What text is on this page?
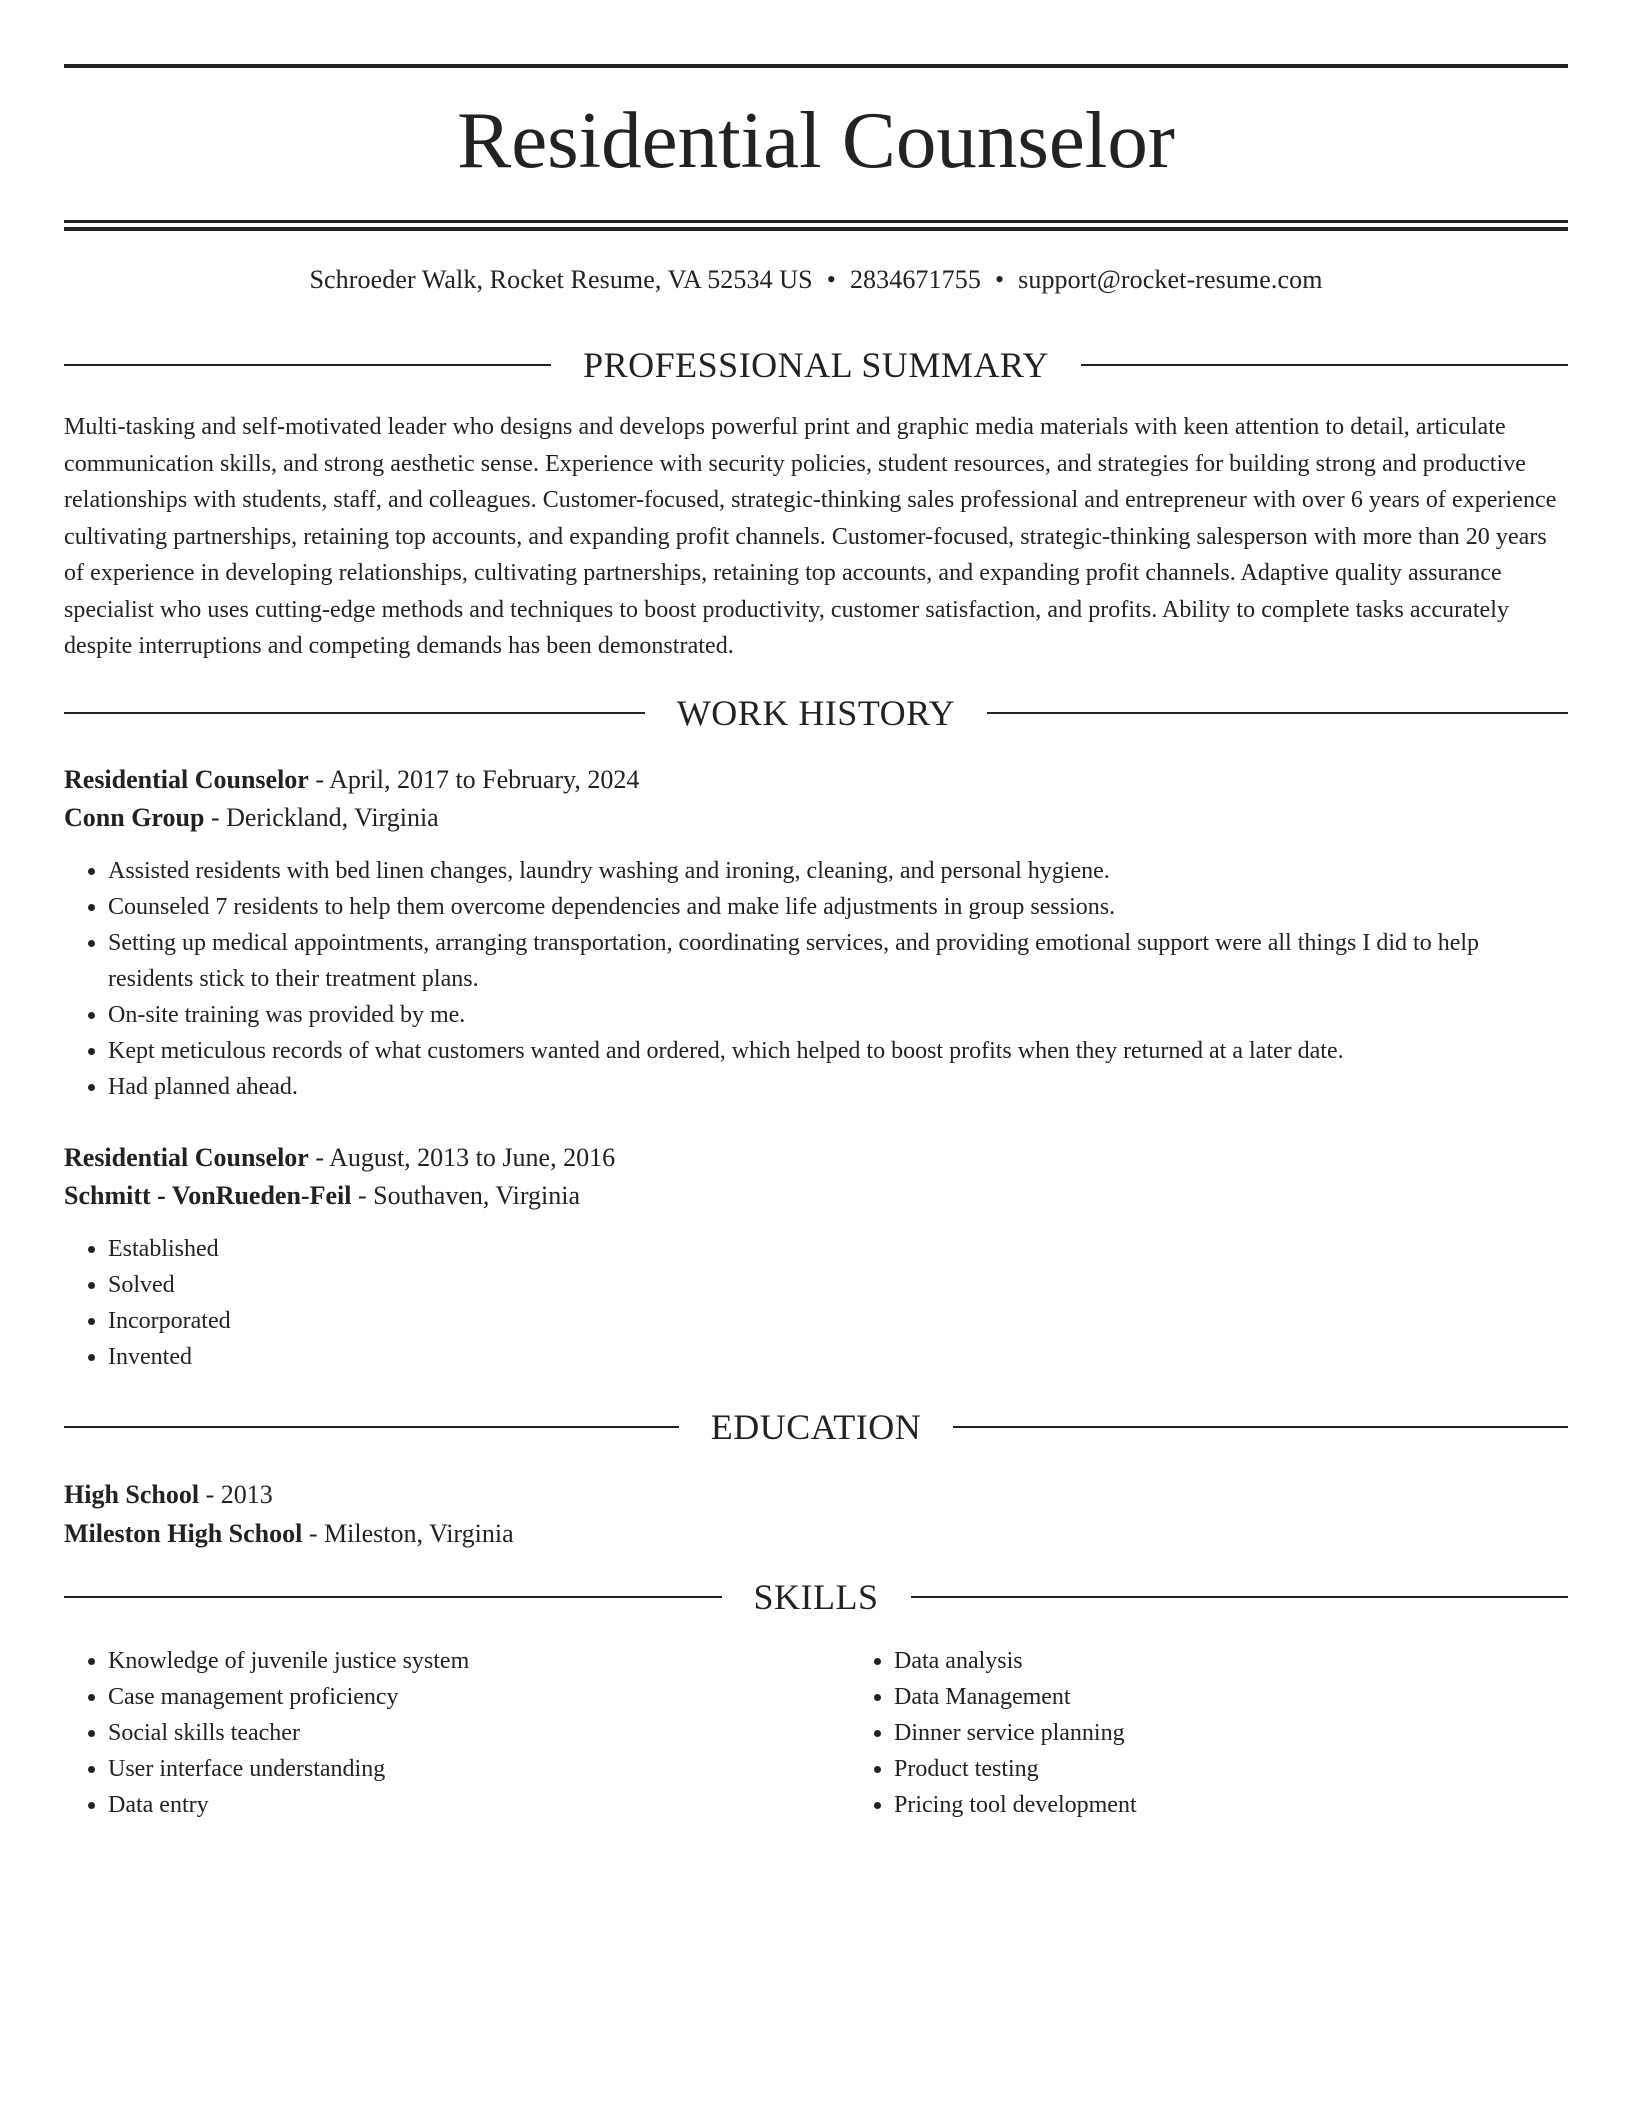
Residential Counselor
Schroeder Walk, Rocket Resume, VA 52534 US • 2834671755 • support@rocket-resume.com
PROFESSIONAL SUMMARY
Multi-tasking and self-motivated leader who designs and develops powerful print and graphic media materials with keen attention to detail, articulate communication skills, and strong aesthetic sense. Experience with security policies, student resources, and strategies for building strong and productive relationships with students, staff, and colleagues. Customer-focused, strategic-thinking sales professional and entrepreneur with over 6 years of experience cultivating partnerships, retaining top accounts, and expanding profit channels. Customer-focused, strategic-thinking salesperson with more than 20 years of experience in developing relationships, cultivating partnerships, retaining top accounts, and expanding profit channels. Adaptive quality assurance specialist who uses cutting-edge methods and techniques to boost productivity, customer satisfaction, and profits. Ability to complete tasks accurately despite interruptions and competing demands has been demonstrated.
WORK HISTORY
Residential Counselor - April, 2017 to February, 2024
Conn Group - Derickland, Virginia
• Assisted residents with bed linen changes, laundry washing and ironing, cleaning, and personal hygiene.
• Counseled 7 residents to help them overcome dependencies and make life adjustments in group sessions.
• Setting up medical appointments, arranging transportation, coordinating services, and providing emotional support were all things I did to help residents stick to their treatment plans.
• On-site training was provided by me.
• Kept meticulous records of what customers wanted and ordered, which helped to boost profits when they returned at a later date.
• Had planned ahead.
Residential Counselor - August, 2013 to June, 2016
Schmitt - VonRueden-Feil - Southaven, Virginia
• Established
• Solved
• Incorporated
• Invented
EDUCATION
High School - 2013
Mileston High School - Mileston, Virginia
SKILLS
• Knowledge of juvenile justice system
• Case management proficiency
• Social skills teacher
• User interface understanding
• Data entry
• Data analysis
• Data Management
• Dinner service planning
• Product testing
• Pricing tool development
